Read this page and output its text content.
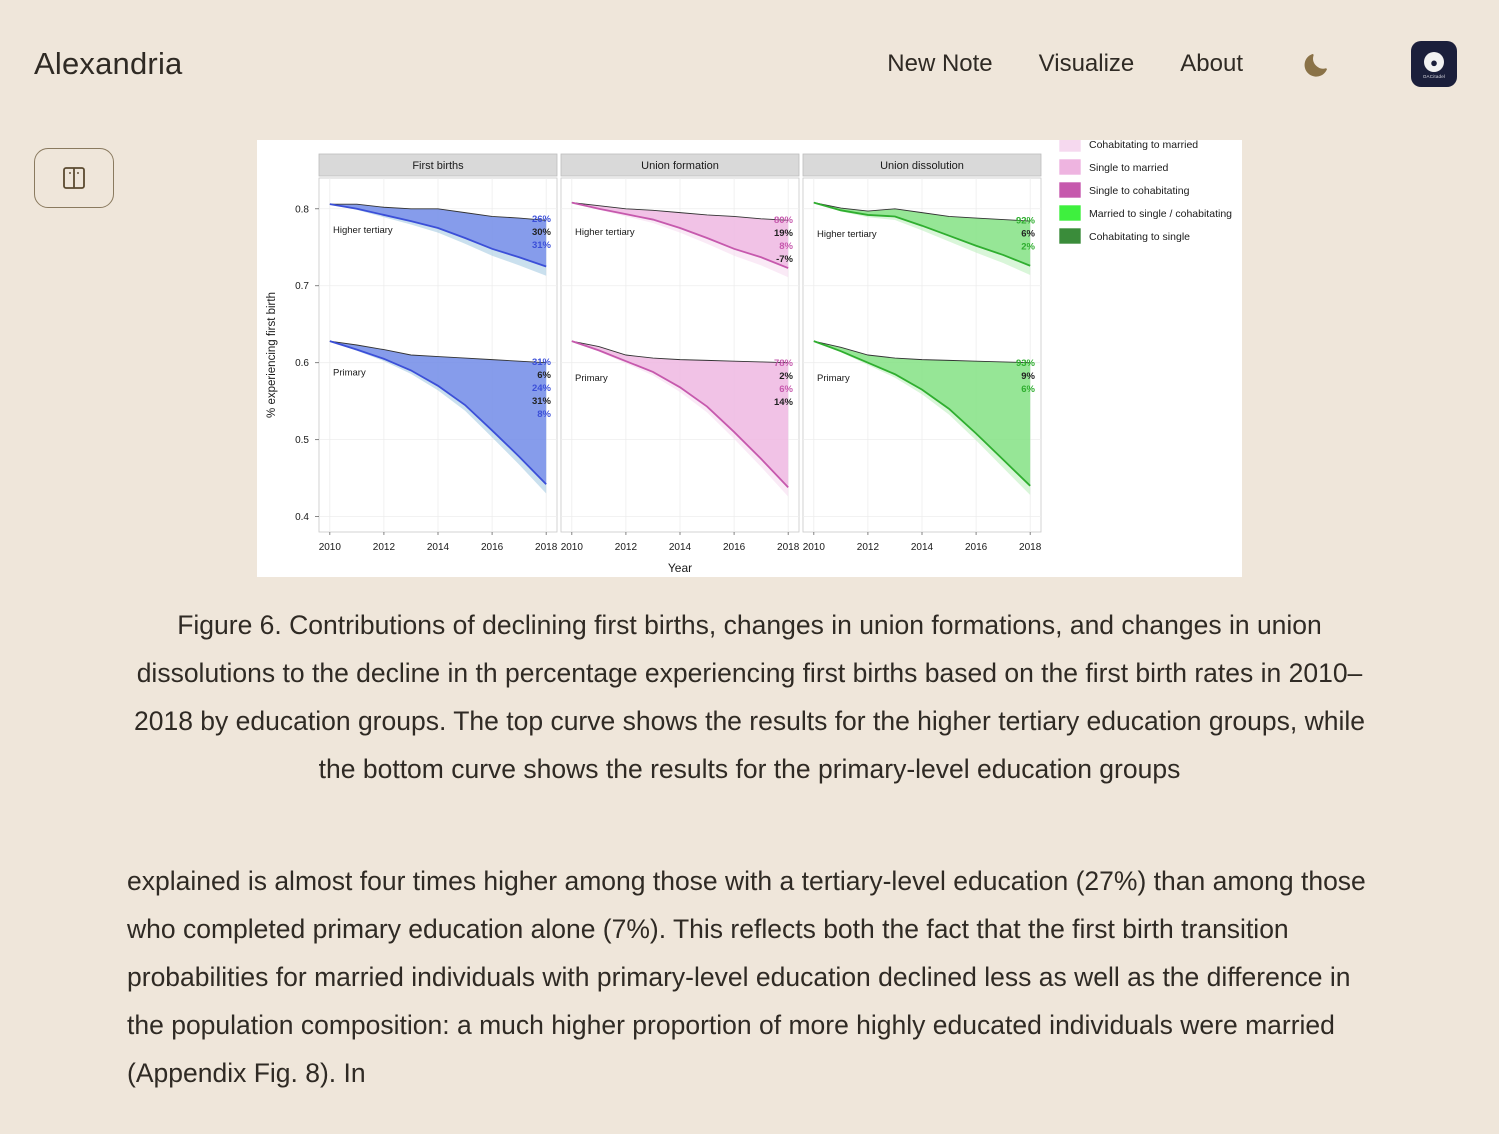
Alexandria	New Note Visualize About	●
OACitadel
First births
Higher tertiary
26%
30%
31%
Primary
31%
6%
24%
31%
8%
2010	2012	2014	2016	2018
Union formation
Higher tertiary
80%
19%
8%
-7%
Primary
78%
2%
6%
14%
2010	2012	2014	2016	2018
Union dissolution
Higher tertiary
92%
6%
2%
Primary
93%
9%
6%
2010	2012	2014	2016	2018
0.4
0.5
0.6
0.7
0.8
% experiencing first birth
Year
Cohabitating to married
Single to married
Single to cohabitating
Married to single / cohabitating
Cohabitating to single
Figure 6. Contributions of declining first births, changes in union formations, and changes in union dissolutions to the decline in th percentage experiencing first births based on the first birth rates in 2010–2018 by education groups. The top curve shows the results for the higher tertiary education groups, while the bottom curve shows the results for the primary-level education groups
explained is almost four times higher among those with a tertiary-level education (27%) than among those who completed primary education alone (7%). This reflects both the fact that the first birth transition probabilities for married individuals with primary-level education declined less as well as the difference in the population composition: a much higher proportion of more highly educated individuals were married (Appendix Fig. 8). In
